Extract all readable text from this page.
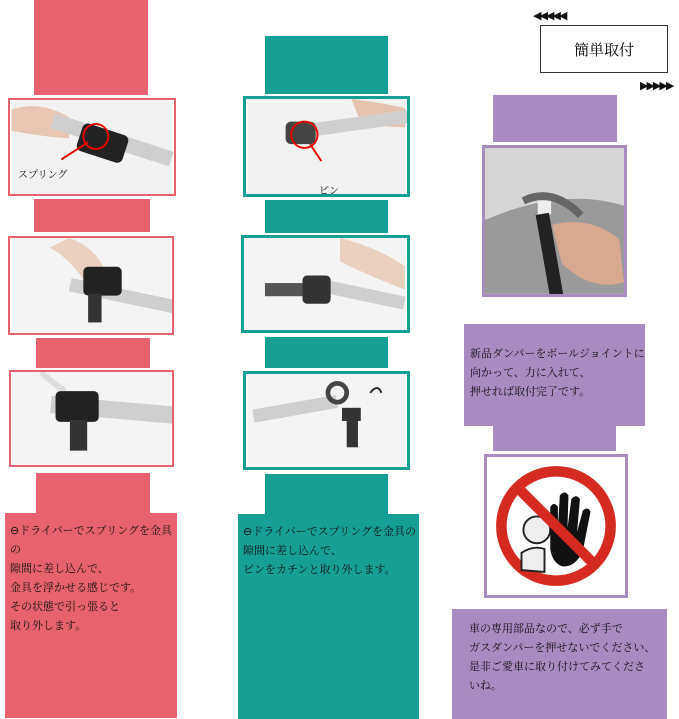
◀◀◀◀◀
簡単取付
▶▶▶▶▶
スプリング
⊖ドライバーでスプリングを金具の
隙間に差し込んで、
金具を浮かせる感じです。
その状態で引っ張ると
取り外します。
ピン
⊖ドライバーでスプリングを金具の
隙間に差し込んで、
ピンをカチンと取り外します。
新品ダンパーをボールジョイントに
向かって、力に入れて、
押せれば取付完了です。
車の専用部品なので、必ず手で
ガスダンパーを押せないでください、
是非ご愛車に取り付けてみてくださ
いね。
